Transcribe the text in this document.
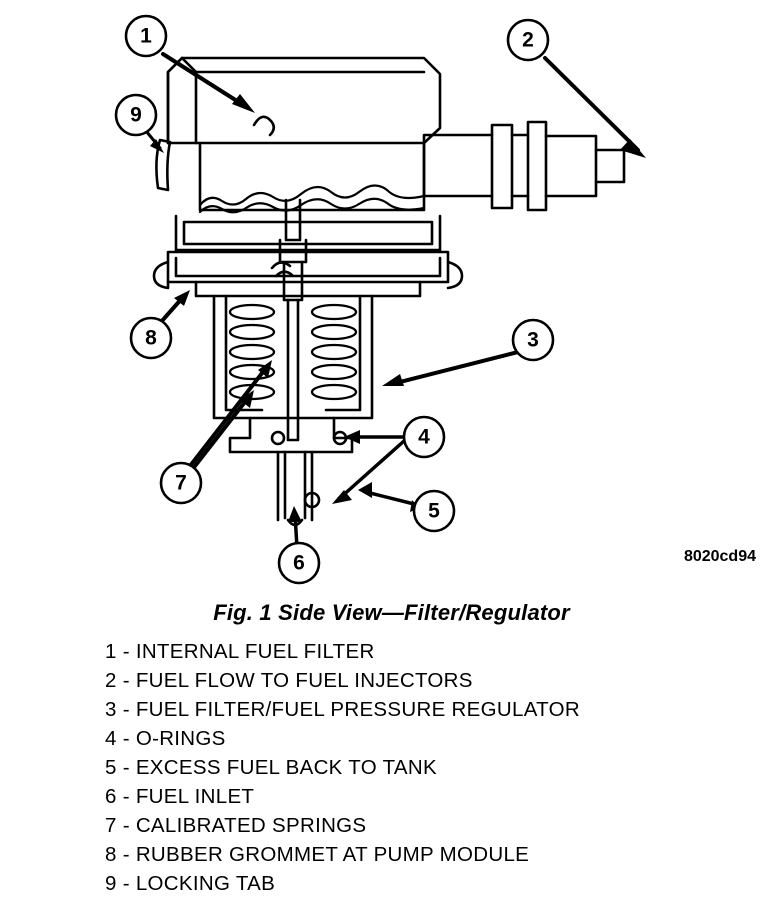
1	2
9
8	3
4
5
7
6	8020cd94
Fig. 1 Side View—Filter/Regulator
1 - INTERNAL FUEL FILTER
2 - FUEL FLOW TO FUEL INJECTORS
3 - FUEL FILTER/FUEL PRESSURE REGULATOR
4 - O-RINGS
5 - EXCESS FUEL BACK TO TANK
6 - FUEL INLET
7 - CALIBRATED SPRINGS
8 - RUBBER GROMMET AT PUMP MODULE
9 - LOCKING TAB
